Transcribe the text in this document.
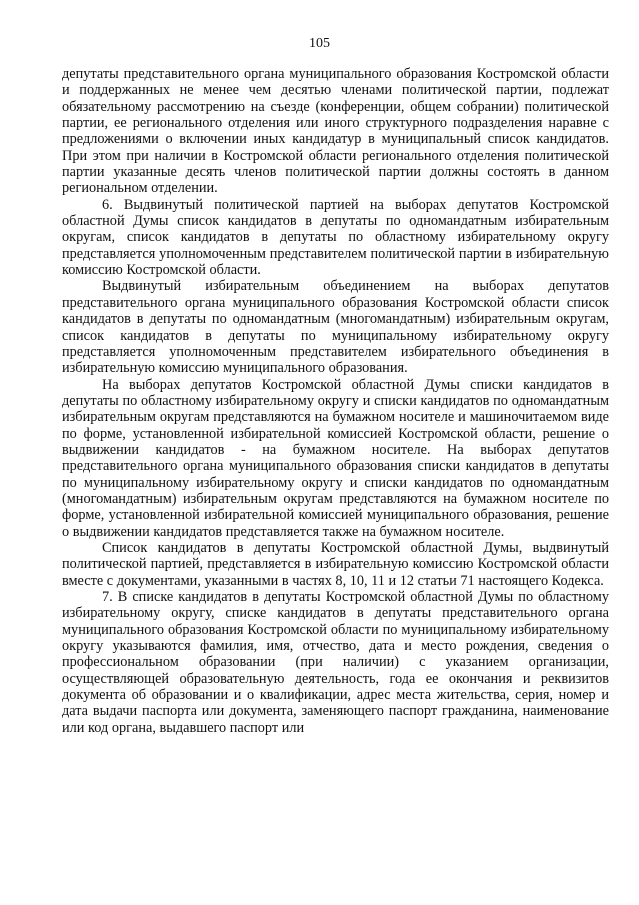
105

депутаты представительного органа муниципального образования Костромской области и поддержанных не менее чем десятью членами политической партии, подлежат обязательному рассмотрению на съезде (конференции, общем собрании) политической партии, ее регионального отделения или иного структурного подразделения наравне с предложениями о включении иных кандидатур в муниципальный список кандидатов. При этом при наличии в Костромской области регионального отделения политической партии указанные десять членов политической партии должны состоять в данном региональном отделении.

6. Выдвинутый политической партией на выборах депутатов Костромской областной Думы список кандидатов в депутаты по одномандатным избирательным округам, список кандидатов в депутаты по областному избирательному округу представляется уполномоченным представителем политической партии в избирательную комиссию Костромской области.

Выдвинутый избирательным объединением на выборах депутатов представительного органа муниципального образования Костромской области список кандидатов в депутаты по одномандатным (многомандатным) избирательным округам, список кандидатов в депутаты по муниципальному избирательному округу представляется уполномоченным представителем избирательного объединения в избирательную комиссию муниципального образования.

На выборах депутатов Костромской областной Думы списки кандидатов в депутаты по областному избирательному округу и списки кандидатов по одномандатным избирательным округам представляются на бумажном носителе и машиночитаемом виде по форме, установленной избирательной комиссией Костромской области, решение о выдвижении кандидатов - на бумажном носителе. На выборах депутатов представительного органа муниципального образования списки кандидатов в депутаты по муниципальному избирательному округу и списки кандидатов по одномандатным (многомандатным) избирательным округам представляются на бумажном носителе по форме, установленной избирательной комиссией муниципального образования, решение о выдвижении кандидатов представляется также на бумажном носителе.

Список кандидатов в депутаты Костромской областной Думы, выдвинутый политической партией, представляется в избирательную комиссию Костромской области вместе с документами, указанными в частях 8, 10, 11 и 12 статьи 71 настоящего Кодекса.

7. В списке кандидатов в депутаты Костромской областной Думы по областному избирательному округу, списке кандидатов в депутаты представительного органа муниципального образования Костромской области по муниципальному избирательному округу указываются фамилия, имя, отчество, дата и место рождения, сведения о профессиональном образовании (при наличии) с указанием организации, осуществляющей образовательную деятельность, года ее окончания и реквизитов документа об образовании и о квалификации, адрес места жительства, серия, номер и дата выдачи паспорта или документа, заменяющего паспорт гражданина, наименование или код органа, выдавшего паспорт или
